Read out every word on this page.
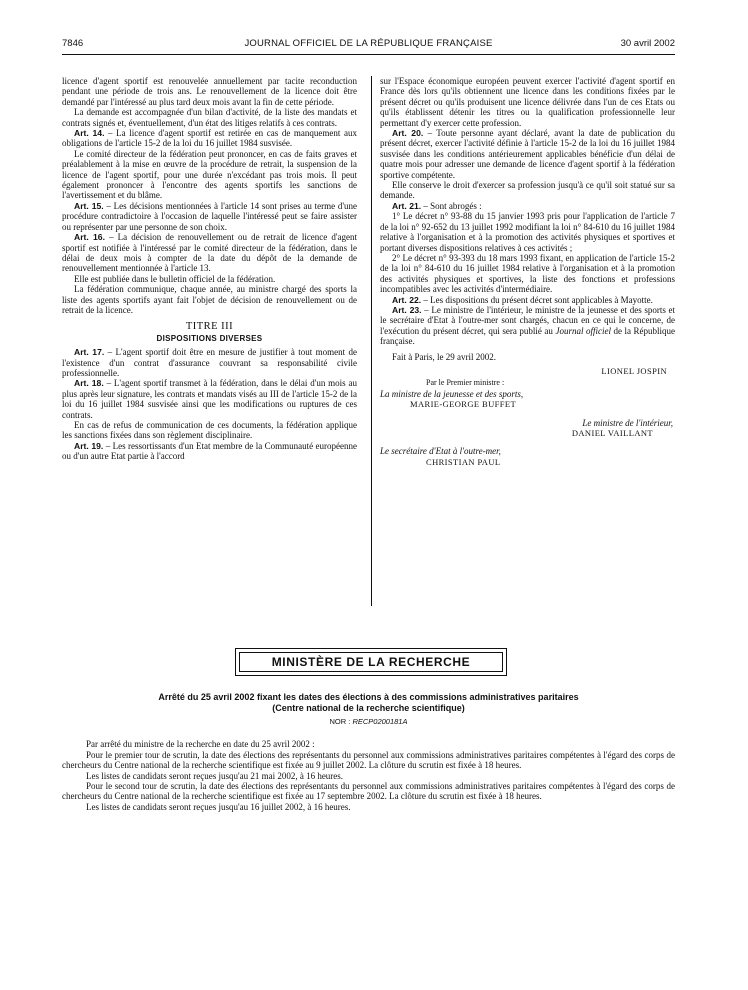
7846	JOURNAL OFFICIEL DE LA RÉPUBLIQUE FRANÇAISE	30 avril 2002

licence d'agent sportif est renouvelée annuellement par tacite reconduction pendant une période de trois ans. Le renouvellement de la licence doit être demandé par l'intéressé au plus tard deux mois avant la fin de cette période.

La demande est accompagnée d'un bilan d'activité, de la liste des mandats et contrats signés et, éventuellement, d'un état des litiges relatifs à ces contrats.

Art. 14. – La licence d'agent sportif est retirée en cas de manquement aux obligations de l'article 15-2 de la loi du 16 juillet 1984 susvisée.

Le comité directeur de la fédération peut prononcer, en cas de faits graves et préalablement à la mise en œuvre de la procédure de retrait, la suspension de la licence de l'agent sportif, pour une durée n'excédant pas trois mois. Il peut également prononcer à l'encontre des agents sportifs les sanctions de l'avertissement et du blâme.

Art. 15. – Les décisions mentionnées à l'article 14 sont prises au terme d'une procédure contradictoire à l'occasion de laquelle l'intéressé peut se faire assister ou représenter par une personne de son choix.

Art. 16. – La décision de renouvellement ou de retrait de licence d'agent sportif est notifiée à l'intéressé par le comité directeur de la fédération, dans le délai de deux mois à compter de la date du dépôt de la demande de renouvellement mentionnée à l'article 13.

Elle est publiée dans le bulletin officiel de la fédération.

La fédération communique, chaque année, au ministre chargé des sports la liste des agents sportifs ayant fait l'objet de décision de renouvellement ou de retrait de la licence.

TITRE III
DISPOSITIONS DIVERSES

Art. 17. – L'agent sportif doit être en mesure de justifier à tout moment de l'existence d'un contrat d'assurance couvrant sa responsabilité civile professionnelle.

Art. 18. – L'agent sportif transmet à la fédération, dans le délai d'un mois au plus après leur signature, les contrats et mandats visés au III de l'article 15-2 de la loi du 16 juillet 1984 susvisée ainsi que les modifications ou ruptures de ces contrats.

En cas de refus de communication de ces documents, la fédération applique les sanctions fixées dans son règlement disciplinaire.

Art. 19. – Les ressortissants d'un Etat membre de la Communauté européenne ou d'un autre Etat partie à l'accord

sur l'Espace économique européen peuvent exercer l'activité d'agent sportif en France dès lors qu'ils obtiennent une licence dans les conditions fixées par le présent décret ou qu'ils produisent une licence délivrée dans l'un de ces Etats ou qu'ils établissent détenir les titres ou la qualification professionnelle leur permettant d'y exercer cette profession.

Art. 20. – Toute personne ayant déclaré, avant la date de publication du présent décret, exercer l'activité définie à l'article 15-2 de la loi du 16 juillet 1984 susvisée dans les conditions antérieurement applicables bénéficie d'un délai de quatre mois pour adresser une demande de licence d'agent sportif à la fédération sportive compétente.

Elle conserve le droit d'exercer sa profession jusqu'à ce qu'il soit statué sur sa demande.

Art. 21. – Sont abrogés :

1° Le décret n° 93-88 du 15 janvier 1993 pris pour l'application de l'article 7 de la loi n° 92-652 du 13 juillet 1992 modifiant la loi n° 84-610 du 16 juillet 1984 relative à l'organisation et à la promotion des activités physiques et sportives et portant diverses dispositions relatives à ces activités ;

2° Le décret n° 93-393 du 18 mars 1993 fixant, en application de l'article 15-2 de la loi n° 84-610 du 16 juillet 1984 relative à l'organisation et à la promotion des activités physiques et sportives, la liste des fonctions et professions incompatibles avec les activités d'intermédiaire.

Art. 22. – Les dispositions du présent décret sont applicables à Mayotte.

Art. 23. – Le ministre de l'intérieur, le ministre de la jeunesse et des sports et le secrétaire d'Etat à l'outre-mer sont chargés, chacun en ce qui le concerne, de l'exécution du présent décret, qui sera publié au Journal officiel de la République française.

Fait à Paris, le 29 avril 2002.

LIONEL JOSPIN

Par le Premier ministre :

La ministre de la jeunesse et des sports,

MARIE-GEORGE BUFFET

Le ministre de l'intérieur,

DANIEL VAILLANT

Le secrétaire d'Etat à l'outre-mer,

CHRISTIAN PAUL

MINISTÈRE DE LA RECHERCHE

Arrêté du 25 avril 2002 fixant les dates des élections à des commissions administratives paritaires

(Centre national de la recherche scientifique)

NOR : RECP0200181A

Par arrêté du ministre de la recherche en date du 25 avril 2002 :

Pour le premier tour de scrutin, la date des élections des représentants du personnel aux commissions administratives paritaires compétentes à l'égard des corps de chercheurs du Centre national de la recherche scientifique est fixée au 9 juillet 2002. La clôture du scrutin est fixée à 18 heures.

Les listes de candidats seront reçues jusqu'au 21 mai 2002, à 16 heures.

Pour le second tour de scrutin, la date des élections des représentants du personnel aux commissions administratives paritaires compétentes à l'égard des corps de chercheurs du Centre national de la recherche scientifique est fixée au 17 septembre 2002. La clôture du scrutin est fixée à 18 heures.

Les listes de candidats seront reçues jusqu'au 16 juillet 2002, à 16 heures.
